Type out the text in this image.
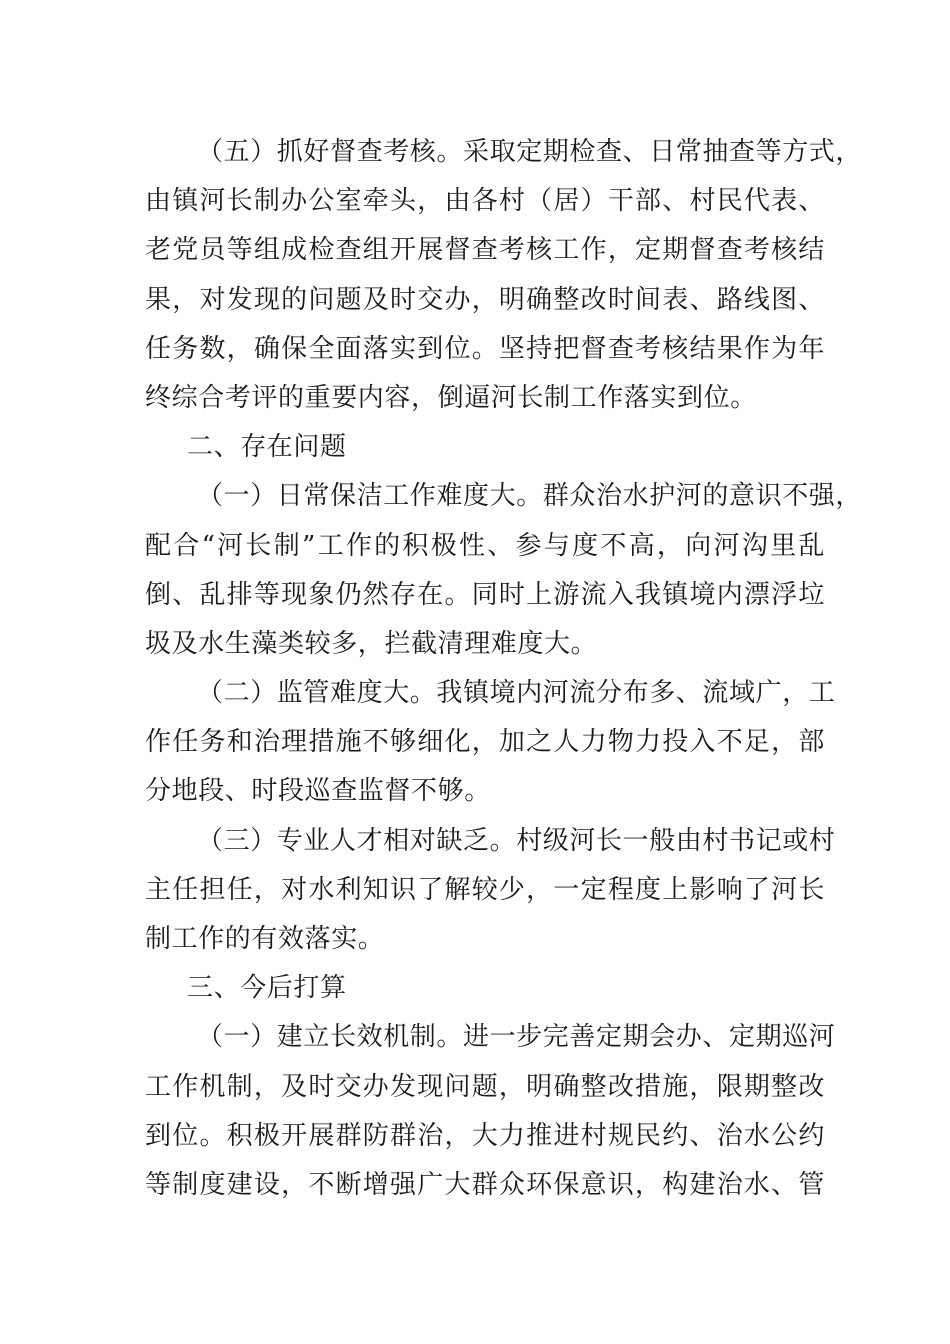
（五）抓好督查考核。采取定期检查、日常抽查等方式，
由镇河长制办公室牵头，由各村（居）干部、村民代表、
老党员等组成检查组开展督查考核工作，定期督查考核结
果，对发现的问题及时交办，明确整改时间表、路线图、
任务数，确保全面落实到位。坚持把督查考核结果作为年
终综合考评的重要内容，倒逼河长制工作落实到位。
二、存在问题
（一）日常保洁工作难度大。群众治水护河的意识不强，
配合“河长制”工作的积极性、参与度不高，向河沟里乱
倒、乱排等现象仍然存在。同时上游流入我镇境内漂浮垃
圾及水生藻类较多，拦截清理难度大。
（二）监管难度大。我镇境内河流分布多、流域广，工
作任务和治理措施不够细化，加之人力物力投入不足，部
分地段、时段巡查监督不够。
（三）专业人才相对缺乏。村级河长一般由村书记或村
主任担任，对水利知识了解较少，一定程度上影响了河长
制工作的有效落实。
三、今后打算
（一）建立长效机制。进一步完善定期会办、定期巡河
工作机制，及时交办发现问题，明确整改措施，限期整改
到位。积极开展群防群治，大力推进村规民约、治水公约
等制度建设，不断增强广大群众环保意识，构建治水、管
